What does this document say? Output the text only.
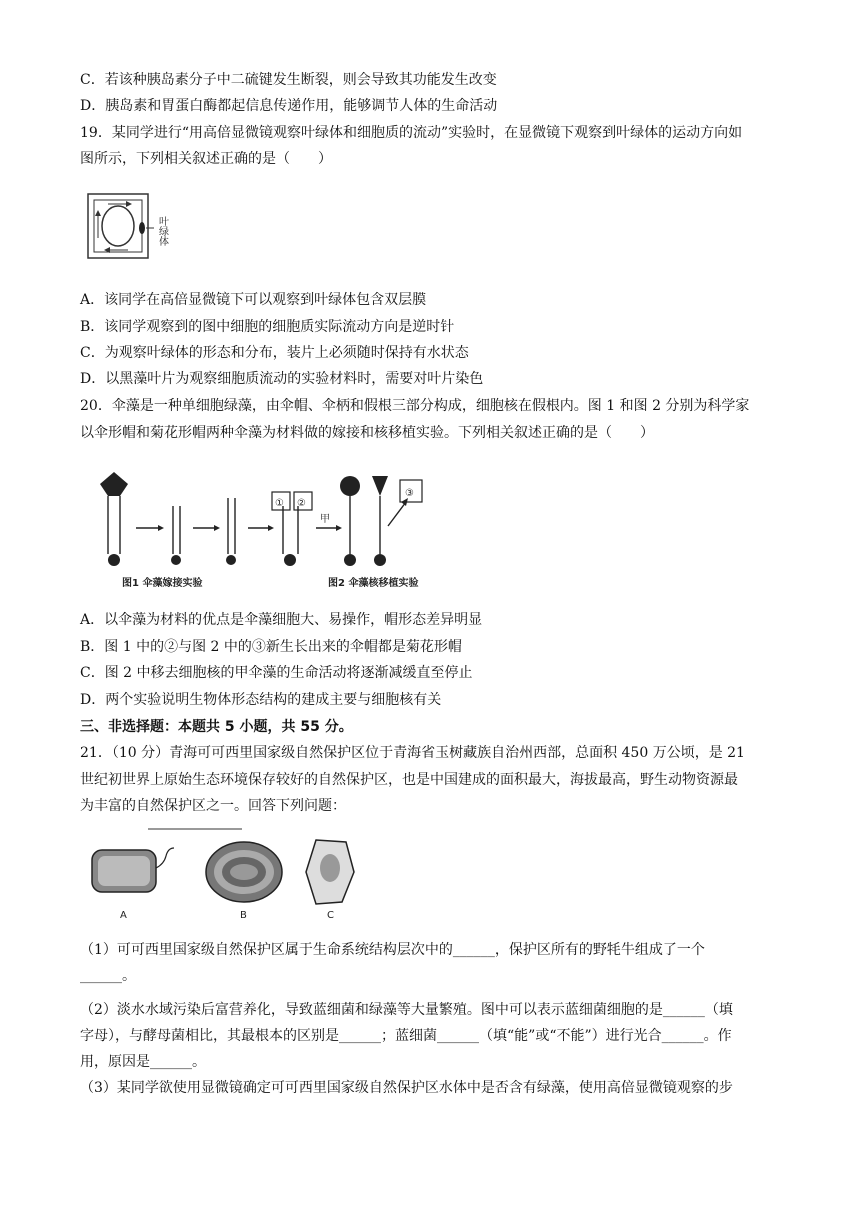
C．若该种胰岛素分子中二硫键发生断裂，则会导致其功能发生改变
D．胰岛素和胃蛋白酶都起信息传递作用，能够调节人体的生命活动
19．某同学进行“用高倍显微镜观察叶绿体和细胞质的流动”实验时，在显微镜下观察到叶绿体的运动方向如
图所示，下列相关叙述正确的是（　　）
叶绿体
A．该同学在高倍显微镜下可以观察到叶绿体包含双层膜
B．该同学观察到的图中细胞的细胞质实际流动方向是逆时针
C．为观察叶绿体的形态和分布，装片上必须随时保持有水状态
D．以黑藻叶片为观察细胞质流动的实验材料时，需要对叶片染色
20．伞藻是一种单细胞绿藻，由伞帽、伞柄和假根三部分构成，细胞核在假根内。图 1 和图 2 分别为科学家
以伞形帽和菊花形帽两种伞藻为材料做的嫁接和核移植实验。下列相关叙述正确的是（　　）
① ②
③
甲
图1 伞藻嫁接实验	图2 伞藻核移植实验
A．以伞藻为材料的优点是伞藻细胞大、易操作，帽形态差异明显
B．图 1 中的②与图 2 中的③新生长出来的伞帽都是菊花形帽
C．图 2 中移去细胞核的甲伞藻的生命活动将逐渐减缓直至停止
D．两个实验说明生物体形态结构的建成主要与细胞核有关
三、非选择题：本题共 5 小题，共 55 分。
21．（10 分）青海可可西里国家级自然保护区位于青海省玉树藏族自治州西部，总面积 450 万公顷，是 21
世纪初世界上原始生态环境保存较好的自然保护区，也是中国建成的面积最大，海拔最高，野生动物资源最
为丰富的自然保护区之一。回答下列问题：
A	B	C
（1）可可西里国家级自然保护区属于生命系统结构层次中的______，保护区所有的野牦牛组成了一个
______。
（2）淡水水域污染后富营养化，导致蓝细菌和绿藻等大量繁殖。图中可以表示蓝细菌细胞的是______（填
字母），与酵母菌相比，其最根本的区别是______；蓝细菌______（填“能”或“不能”）进行光合______。作
用，原因是______。
（3）某同学欲使用显微镜确定可可西里国家级自然保护区水体中是否含有绿藻，使用高倍显微镜观察的步
